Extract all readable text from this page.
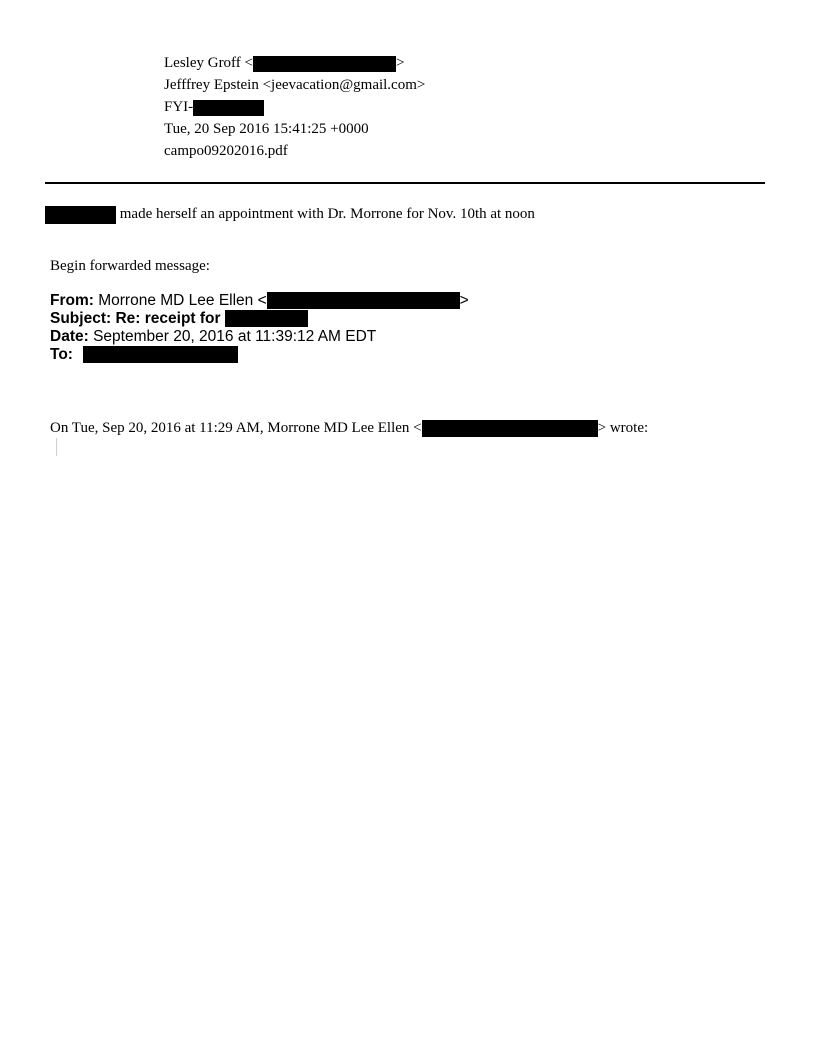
Lesley Groff <	>
Jefffrey Epstein <jeevacation@gmail.com>
FYI-
Tue, 20 Sep 2016 15:41:25 +0000
campo09202016.pdf
made herself an appointment with Dr. Morrone for Nov. 10th at noon
Begin forwarded message:
From: Morrone MD Lee Ellen <	>
Subject: Re: receipt for
Date: September 20, 2016 at 11:39:12 AM EDT
To:
On Tue, Sep 20, 2016 at 11:29 AM, Morrone MD Lee Ellen <	> wrote:
